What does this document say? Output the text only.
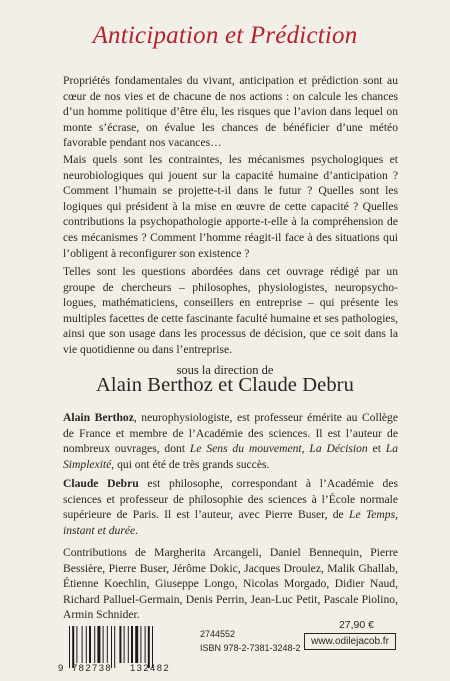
Anticipation et Prédiction

Propriétés fondamentales du vivant, anticipation et prédiction sont au cœur de nos vies et de chacune de nos actions : on calcule les chances d’un homme politique d’être élu, les risques que l’avion dans lequel on monte s’écrase, on évalue les chances de bénéficier d’une météo favorable pendant nos vacances…

Mais quels sont les contraintes, les mécanismes psychologiques et neurobiologiques qui jouent sur la capacité humaine d’anticipation ? Comment l’humain se projette-t-il dans le futur ? Quelles sont les logiques qui président à la mise en œuvre de cette capacité ? Quelles contributions la psychopathologie apporte-t-elle à la compréhension de ces mécanismes ? Comment l’homme réagit-il face à des situations qui l’obligent à reconfigurer son existence ?

Telles sont les questions abordées dans cet ouvrage rédigé par un groupe de chercheurs – philosophes, physiologistes, neuropsycho-logues, mathématiciens, conseillers en entreprise – qui présente les multiples facettes de cette fascinante faculté humaine et ses pathologies, ainsi que son usage dans les processus de décision, que ce soit dans la vie quotidienne ou dans l’entreprise.

sous la direction de
Alain Berthoz et Claude Debru

Alain Berthoz, neurophysiologiste, est professeur émérite au Collège de France et membre de l’Académie des sciences. Il est l’auteur de nombreux ouvrages, dont Le Sens du mouvement, La Décision et La Simplexité, qui ont été de très grands succès.

Claude Debru est philosophe, correspondant à l’Académie des sciences et professeur de philosophie des sciences à l’École normale supérieure de Paris. Il est l’auteur, avec Pierre Buser, de Le Temps, instant et durée.

Contributions de Margherita Arcangeli, Daniel Bennequin, Pierre Bessière, Pierre Buser, Jérôme Dokic, Jacques Droulez, Malik Ghallab, Étienne Koechlin, Giuseppe Longo, Nicolas Morgado, Didier Naud, Richard Palluel-Germain, Denis Perrin, Jean-Luc Petit, Pascale Piolino, Armin Schnider.

27,90 €
www.odilejacob.fr
2744552
ISBN 978-2-7381-3248-2
9 782738 132482
